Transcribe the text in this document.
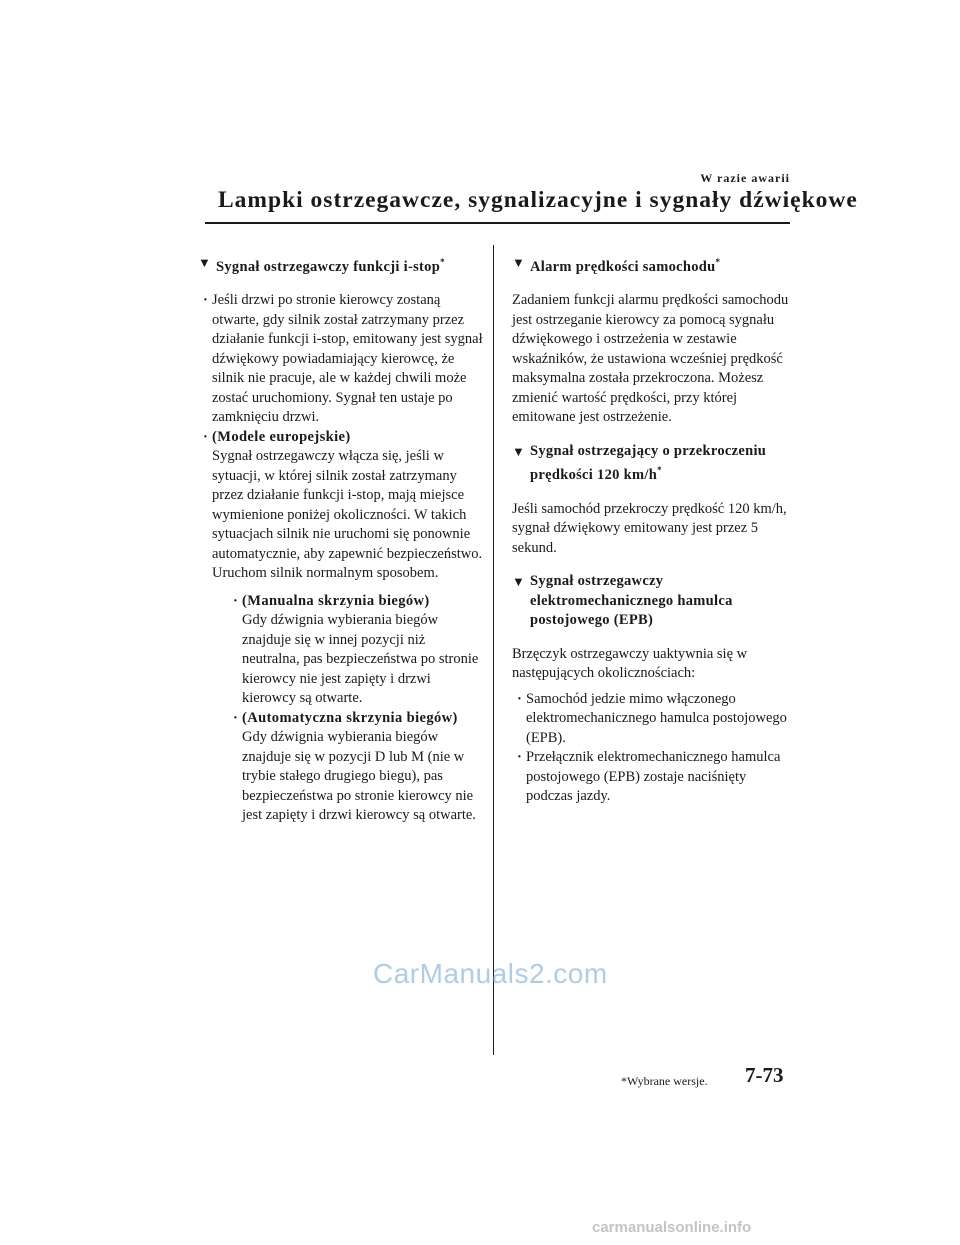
W razie awarii
Lampki ostrzegawcze, sygnalizacyjne i sygnały dźwiękowe
▼ Sygnał ostrzegawczy funkcji i-stop*
· Jeśli drzwi po stronie kierowcy zostaną otwarte, gdy silnik został zatrzymany przez działanie funkcji i-stop, emitowany jest sygnał dźwiękowy powiadamiający kierowcę, że silnik nie pracuje, ale w każdej chwili może zostać uruchomiony. Sygnał ten ustaje po zamknięciu drzwi.
· (Modele europejskie)
Sygnał ostrzegawczy włącza się, jeśli w sytuacji, w której silnik został zatrzymany przez działanie funkcji i-stop, mają miejsce wymienione poniżej okoliczności. W takich sytuacjach silnik nie uruchomi się ponownie automatycznie, aby zapewnić bezpieczeństwo. Uruchom silnik normalnym sposobem.
· (Manualna skrzynia biegów)
Gdy dźwignia wybierania biegów znajduje się w innej pozycji niż neutralna, pas bezpieczeństwa po stronie kierowcy nie jest zapięty i drzwi kierowcy są otwarte.
· (Automatyczna skrzynia biegów)
Gdy dźwignia wybierania biegów znajduje się w pozycji D lub M (nie w trybie stałego drugiego biegu), pas bezpieczeństwa po stronie kierowcy nie jest zapięty i drzwi kierowcy są otwarte.
▼ Alarm prędkości samochodu*

Zadaniem funkcji alarmu prędkości samochodu jest ostrzeganie kierowcy za pomocą sygnału dźwiękowego i ostrzeżenia w zestawie wskaźników, że ustawiona wcześniej prędkość maksymalna została przekroczona. Możesz zmienić wartość prędkości, przy której emitowane jest ostrzeżenie.

▼ Sygnał ostrzegający o przekroczeniu prędkości 120 km/h*

Jeśli samochód przekroczy prędkość 120 km/h, sygnał dźwiękowy emitowany jest przez 5 sekund.

▼ Sygnał ostrzegawczy elektromechanicznego hamulca postojowego (EPB)

Brzęczyk ostrzegawczy uaktywnia się w następujących okolicznościach:

· Samochód jedzie mimo włączonego elektromechanicznego hamulca postojowego (EPB).
· Przełącznik elektromechanicznego hamulca postojowego (EPB) zostaje naciśnięty podczas jazdy.
CarManuals2.com
*Wybrane wersje. 7-73
carmanualsonline.info
